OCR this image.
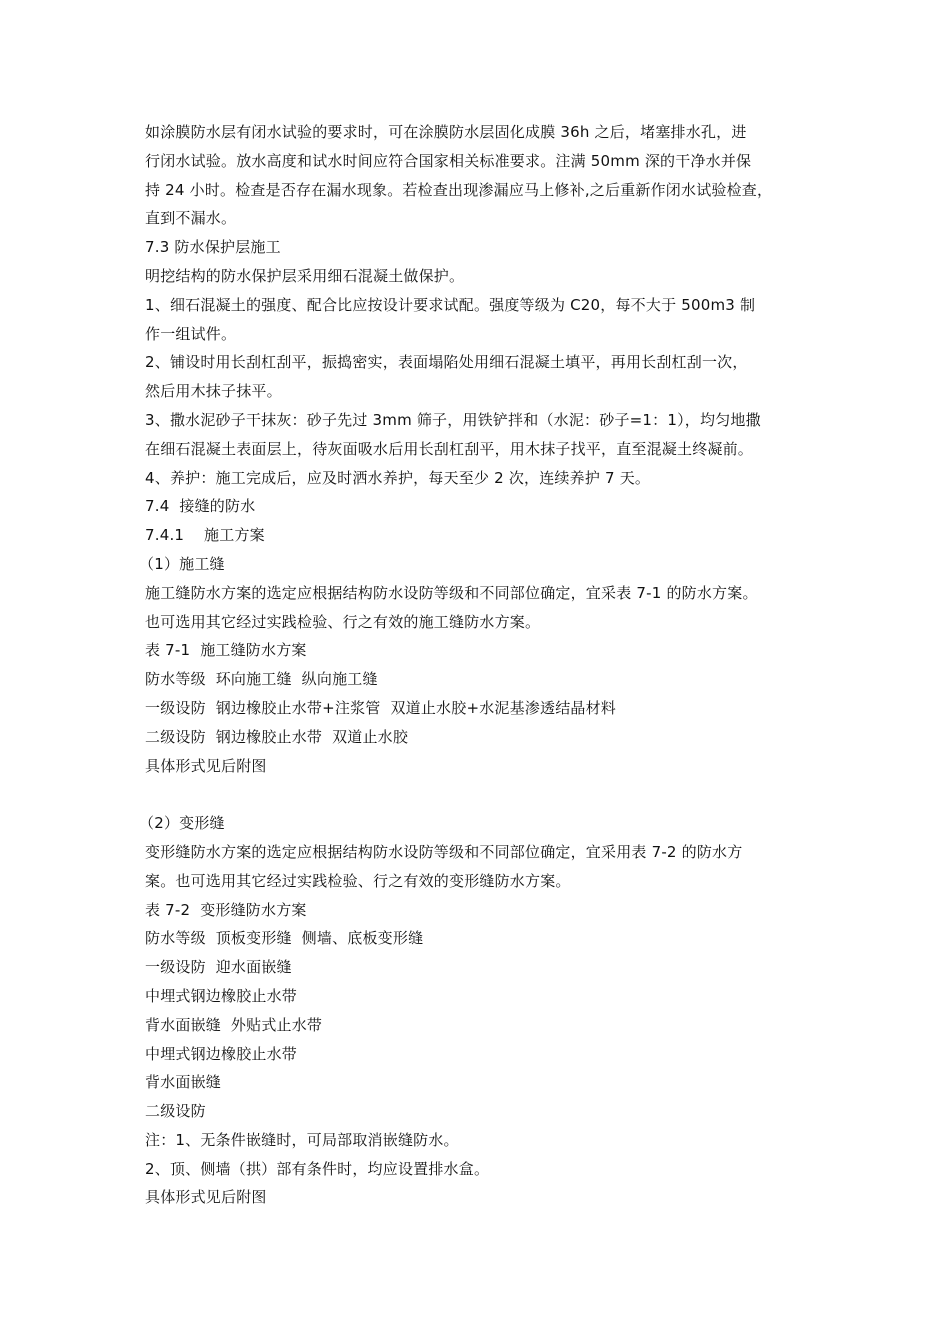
如涂膜防水层有闭水试验的要求时，可在涂膜防水层固化成膜 36h 之后，堵塞排水孔，进
行闭水试验。放水高度和试水时间应符合国家相关标准要求。注满 50mm 深的干净水并保
持 24 小时。检查是否存在漏水现象。若检查出现渗漏应马上修补,之后重新作闭水试验检查，
直到不漏水。
7.3 防水保护层施工
明挖结构的防水保护层采用细石混凝土做保护。
1、细石混凝土的强度、配合比应按设计要求试配。强度等级为 C20，每不大于 500m3 制
作一组试件。
2、铺设时用长刮杠刮平，振捣密实，表面塌陷处用细石混凝土填平，再用长刮杠刮一次，
然后用木抹子抹平。
3、撒水泥砂子干抹灰：砂子先过 3mm 筛子，用铁铲拌和（水泥：砂子=1：1），均匀地撒
在细石混凝土表面层上，待灰面吸水后用长刮杠刮平，用木抹子找平，直至混凝土终凝前。
4、养护：施工完成后，应及时洒水养护，每天至少 2 次，连续养护 7 天。
7.4  接缝的防水
7.4.1    施工方案
（1）施工缝
施工缝防水方案的选定应根据结构防水设防等级和不同部位确定，宜采表 7-1 的防水方案。
也可选用其它经过实践检验、行之有效的施工缝防水方案。
表 7-1  施工缝防水方案
防水等级  环向施工缝  纵向施工缝
一级设防  钢边橡胶止水带+注浆管  双道止水胶+水泥基渗透结晶材料
二级设防  钢边橡胶止水带  双道止水胶
具体形式见后附图
（2）变形缝
变形缝防水方案的选定应根据结构防水设防等级和不同部位确定，宜采用表 7-2 的防水方
案。也可选用其它经过实践检验、行之有效的变形缝防水方案。
表 7-2  变形缝防水方案
防水等级  顶板变形缝  侧墙、底板变形缝
一级设防  迎水面嵌缝
中埋式钢边橡胶止水带
背水面嵌缝  外贴式止水带
中埋式钢边橡胶止水带
背水面嵌缝
二级设防
注：1、无条件嵌缝时，可局部取消嵌缝防水。
2、顶、侧墙（拱）部有条件时，均应设置排水盒。
具体形式见后附图
